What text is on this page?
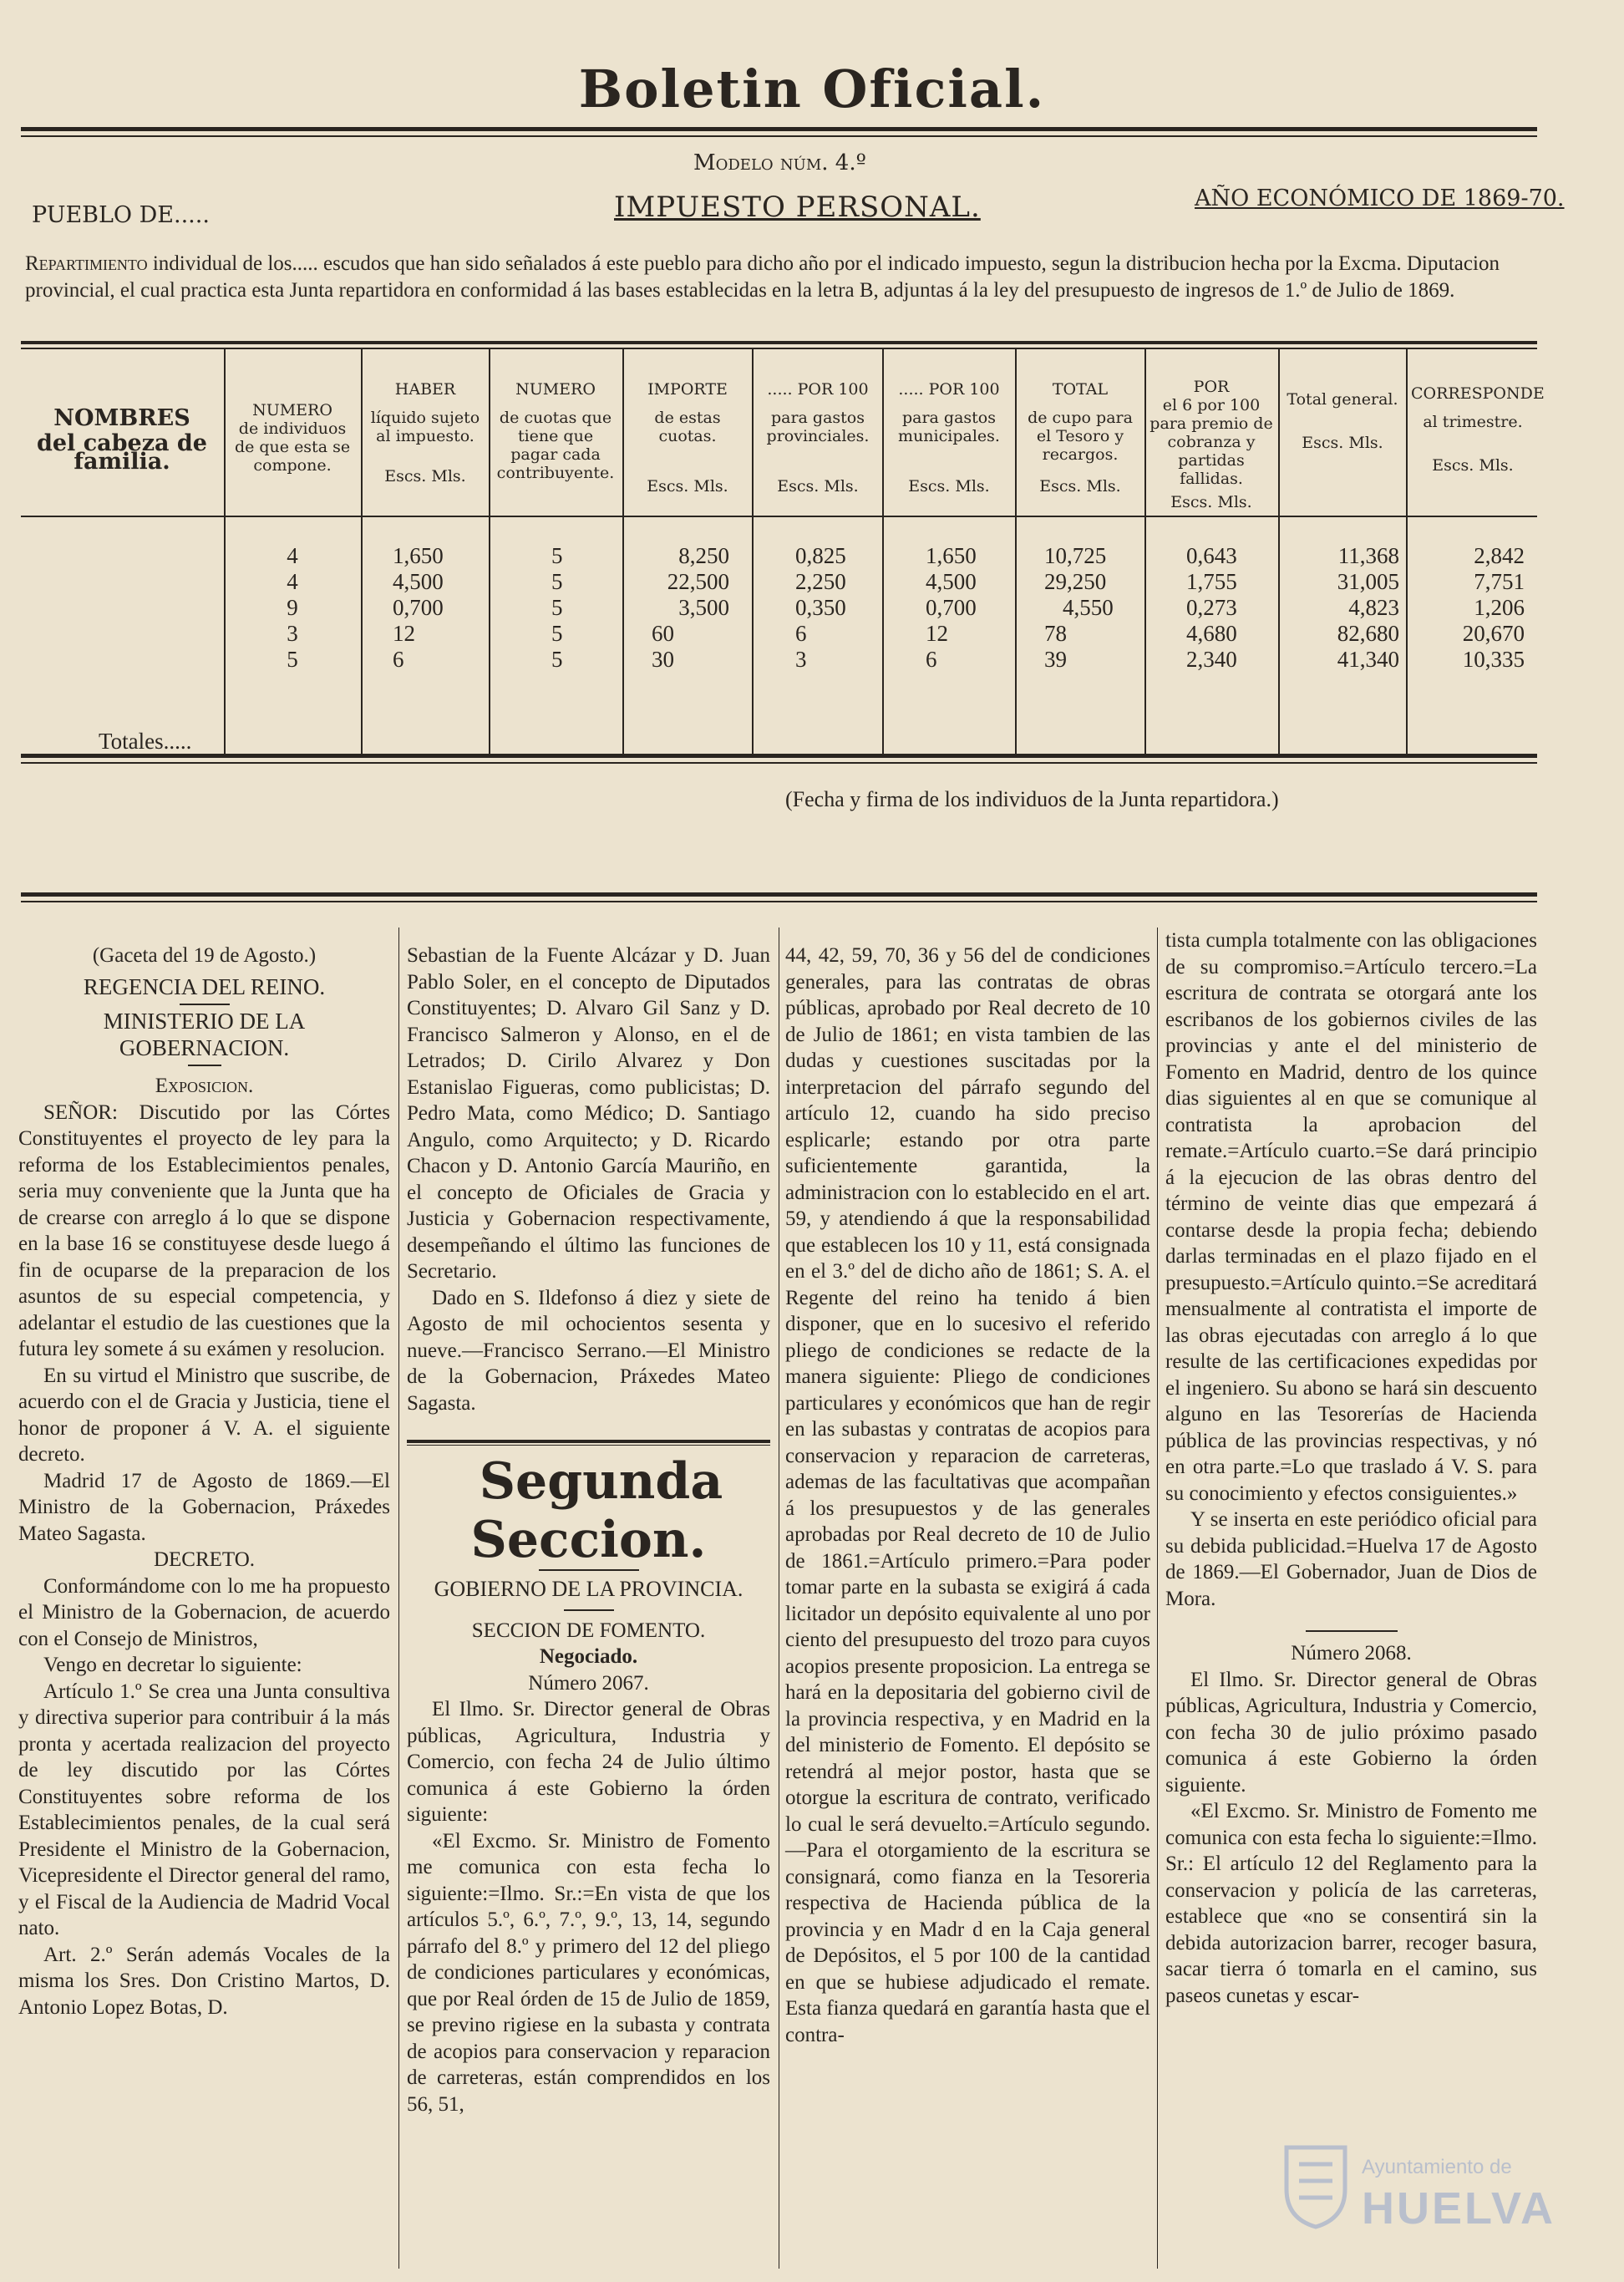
Boletin Oficial.
Modelo núm. 4.º
PUEBLO DE.....	IMPUESTO PERSONAL.	AÑO ECONÓMICO DE 1869-70.
Repartimiento individual de los..... escudos que han sido señalados á este pueblo para dicho año por el indicado impuesto, segun la distribucion hecha por la Excma. Diputacion provincial, el cual practica esta Junta repartidora en conformidad á las bases establecidas en la letra B, adjuntas á la ley del presupuesto de ingresos de 1.º de Julio de 1869.
NOMBRES
del cabeza de familia.
NUMERO
de individuos de que esta se compone.
HABER
líquido sujeto al impuesto.
Escs. Mls.
NUMERO
de cuotas que tiene que pagar cada contribuyente.
IMPORTE
de estas cuotas.
Escs. Mls.
..... POR 100
para gastos provinciales.
Escs. Mls.
..... POR 100
para gastos municipales.
Escs. Mls.
TOTAL
de cupo para el Tesoro y recargos.
Escs. Mls.
POR
el 6 por 100 para premio de cobranza y partidas fallidas.
Escs. Mls.
Total general.
Escs. Mls.
CORRESPONDE
al trimestre.
Escs. Mls.
4
4
9
3
5
1,650
4,500
0,700
12
6
5
5
5
5
5
8,250
22,500
3,500
60
30
0,825
2,250
0,350
6
3
1,650
4,500
0,700
12
6
10,725
29,250
4,550
78
39
0,643
1,755
0,273
4,680
2,340
11,368
31,005
4,823
82,680
41,340
2,842
7,751
1,206
20,670
10,335
Totales.....
(Fecha y firma de los individuos de la Junta repartidora.)

(Gaceta del 19 de Agosto.)

REGENCIA DEL REINO.

MINISTERIO DE LA GOBERNACION.

Exposicion.

SEÑOR: Discutido por las Córtes Constituyentes el proyecto de ley para la reforma de los Establecimientos penales, seria muy conveniente que la Junta que ha de crearse con arreglo á lo que se dispone en la base 16 se constituyese desde luego á fin de ocuparse de la preparacion de los asuntos de su especial competencia, y adelantar el estudio de las cuestiones que la futura ley somete á su exámen y resolucion.

En su virtud el Ministro que suscribe, de acuerdo con el de Gracia y Justicia, tiene el honor de proponer á V. A. el siguiente decreto.

Madrid 17 de Agosto de 1869.—El Ministro de la Gobernacion, Práxedes Mateo Sagasta.

DECRETO.

Conformándome con lo me ha propuesto el Ministro de la Gobernacion, de acuerdo con el Consejo de Ministros,

Vengo en decretar lo siguiente:

Artículo 1.º Se crea una Junta consultiva y directiva superior para contribuir á la más pronta y acertada realizacion del proyecto de ley discutido por las Córtes Constituyentes sobre reforma de los Establecimientos penales, de la cual será Presidente el Ministro de la Gobernacion, Vicepresidente el Director general del ramo, y el Fiscal de la Audiencia de Madrid Vocal nato.

Art. 2.º Serán además Vocales de la misma los Sres. Don Cristino Martos, D. Antonio Lopez Botas, D.

Sebastian de la Fuente Alcázar y D. Juan Pablo Soler, en el concepto de Diputados Constituyentes; D. Alvaro Gil Sanz y D. Francisco Salmeron y Alonso, en el de Letrados; D. Cirilo Alvarez y Don Estanislao Figueras, como publicistas; D. Pedro Mata, como Médico; D. Santiago Angulo, como Arquitecto; y D. Ricardo Chacon y D. Antonio García Mauriño, en el concepto de Oficiales de Gracia y Justicia y Gobernacion respectivamente, desempeñando el último las funciones de Secretario.

Dado en S. Ildefonso á diez y siete de Agosto de mil ochocientos sesenta y nueve.—Francisco Serrano.—El Ministro de la Gobernacion, Práxedes Mateo Sagasta.

Segunda Seccion.

GOBIERNO DE LA PROVINCIA.

SECCION DE FOMENTO.

Negociado.

Número 2067.

El Ilmo. Sr. Director general de Obras públicas, Agricultura, Industria y Comercio, con fecha 24 de Julio último comunica á este Gobierno la órden siguiente:

«El Excmo. Sr. Ministro de Fomento me comunica con esta fecha lo siguiente:=Ilmo. Sr.:=En vista de que los artículos 5.º, 6.º, 7.º, 9.º, 13, 14, segundo párrafo del 8.º y primero del 12 del pliego de condiciones particulares y económicas, que por Real órden de 15 de Julio de 1859, se previno rigiese en la subasta y contrata de acopios para conservacion y reparacion de carreteras, están comprendidos en los 56, 51,

44, 42, 59, 70, 36 y 56 del de condiciones generales, para las contratas de obras públicas, aprobado por Real decreto de 10 de Julio de 1861; en vista tambien de las dudas y cuestiones suscitadas por la interpretacion del párrafo segundo del artículo 12, cuando ha sido preciso esplicarle; estando por otra parte suficientemente garantida, la administracion con lo establecido en el art. 59, y atendiendo á que la responsabilidad que establecen los 10 y 11, está consignada en el 3.º del de dicho año de 1861; S. A. el Regente del reino ha tenido á bien disponer, que en lo sucesivo el referido pliego de condiciones se redacte de la manera siguiente: Pliego de condiciones particulares y económicos que han de regir en las subastas y contratas de acopios para conservacion y reparacion de carreteras, ademas de las facultativas que acompañan á los presupuestos y de las generales aprobadas por Real decreto de 10 de Julio de 1861.=Artículo primero.=Para poder tomar parte en la subasta se exigirá á cada licitador un depósito equivalente al uno por ciento del presupuesto del trozo para cuyos acopios presente proposicion. La entrega se hará en la depositaria del gobierno civil de la provincia respectiva, y en Madrid en la del ministerio de Fomento. El depósito se retendrá al mejor postor, hasta que se otorgue la escritura de contrato, verificado lo cual le será devuelto.=Artículo segundo.—Para el otorgamiento de la escritura se consignará, como fianza en la Tesoreria respectiva de Hacienda pública de la provincia y en Madr d en la Caja general de Depósitos, el 5 por 100 de la cantidad en que se hubiese adjudicado el remate. Esta fianza quedará en garantía hasta que el contra-

tista cumpla totalmente con las obligaciones de su compromiso.=Artículo tercero.=La escritura de contrata se otorgará ante los escribanos de los gobiernos civiles de las provincias y ante el del ministerio de Fomento en Madrid, dentro de los quince dias siguientes al en que se comunique al contratista la aprobacion del remate.=Artículo cuarto.=Se dará principio á la ejecucion de las obras dentro del término de veinte dias que empezará á contarse desde la propia fecha; debiendo darlas terminadas en el plazo fijado en el presupuesto.=Artículo quinto.=Se acreditará mensualmente al contratista el importe de las obras ejecutadas con arreglo á lo que resulte de las certificaciones expedidas por el ingeniero. Su abono se hará sin descuento alguno en las Tesorerías de Hacienda pública de las provincias respectivas, y nó en otra parte.=Lo que traslado á V. S. para su conocimiento y efectos consiguientes.»

Y se inserta en este periódico oficial para su debida publicidad.=Huelva 17 de Agosto de 1869.—El Gobernador, Juan de Dios de Mora.

Número 2068.

El Ilmo. Sr. Director general de Obras públicas, Agricultura, Industria y Comercio, con fecha 30 de julio próximo pasado comunica á este Gobierno la órden siguiente.

«El Excmo. Sr. Ministro de Fomento me comunica con esta fecha lo siguiente:=Ilmo. Sr.: El artículo 12 del Reglamento para la conservacion y policía de las carreteras, establece que «no se consentirá sin la debida autorizacion barrer, recoger basura, sacar tierra ó tomarla en el camino, sus paseos cunetas y escar-

Ayuntamiento de
HUELVA
